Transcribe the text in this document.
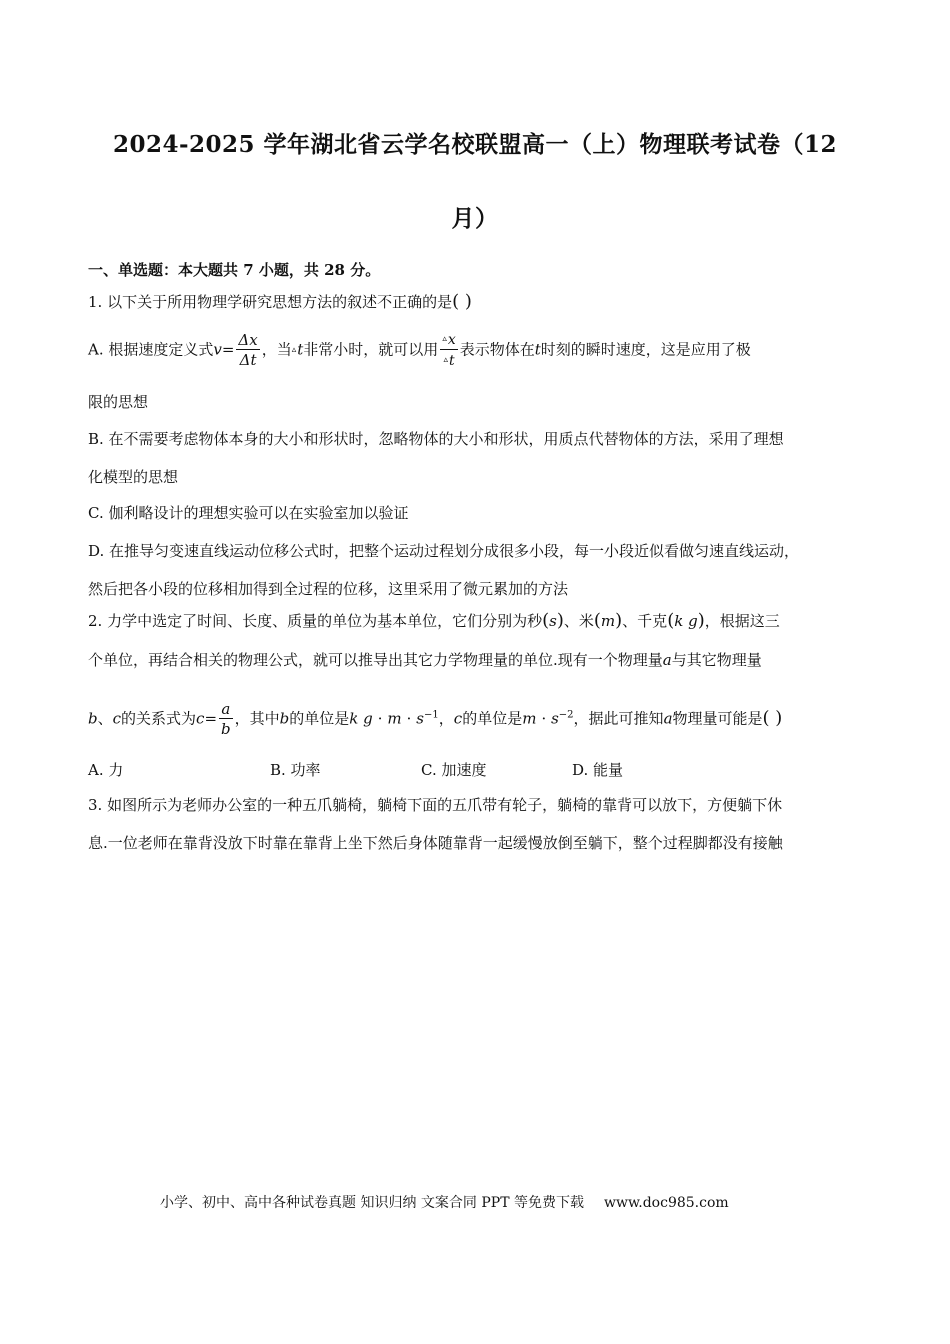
2024-2025 学年湖北省云学名校联盟高一（上）物理联考试卷（12
月）
一、单选题：本大题共 7 小题，共 28 分。
1. 以下关于所用物理学研究思想方法的叙述不正确的是( )
A. 根据速度定义式$v= \frac{\Delta x}{\Delta t}$ ，当▵t非常小时，就可以用 $\frac{^▵x}{^▵t}$ 表示物体在t时刻的瞬时速度，这是应用了极
限的思想
B. 在不需要考虑物体本身的大小和形状时，忽略物体的大小和形状，用质点代替物体的方法，采用了理想
化模型的思想
C. 伽利略设计的理想实验可以在实验室加以验证
D. 在推导匀变速直线运动位移公式时，把整个运动过程划分成很多小段，每一小段近似看做匀速直线运动，
然后把各小段的位移相加得到全过程的位移，这里采用了微元累加的方法
2. 力学中选定了时间、长度、质量的单位为基本单位，它们分别为秒(s)、米(m)、千克(k g)，根据这三
个单位，再结合相关的物理公式，就可以推导出其它力学物理量的单位.现有一个物理量a与其它物理量
b、c的关系式为$c= \frac{a}{b}$ ，其中b的单位是k $g \cdot m \cdot s^{-1}$，c的单位是$m \cdot s^{-2}$，据此可推知a物理量可能是( )
A. 力	B. 功率	C. 加速度	D. 能量
3. 如图所示为老师办公室的一种五爪躺椅，躺椅下面的五爪带有轮子，躺椅的靠背可以放下，方便躺下休
息.一位老师在靠背没放下时靠在靠背上坐下然后身体随靠背一起缓慢放倒至躺下，整个过程脚都没有接触
小学、初中、高中各种试卷真题 知识归纳 文案合同 PPT 等免费下载 www.doc985.com
